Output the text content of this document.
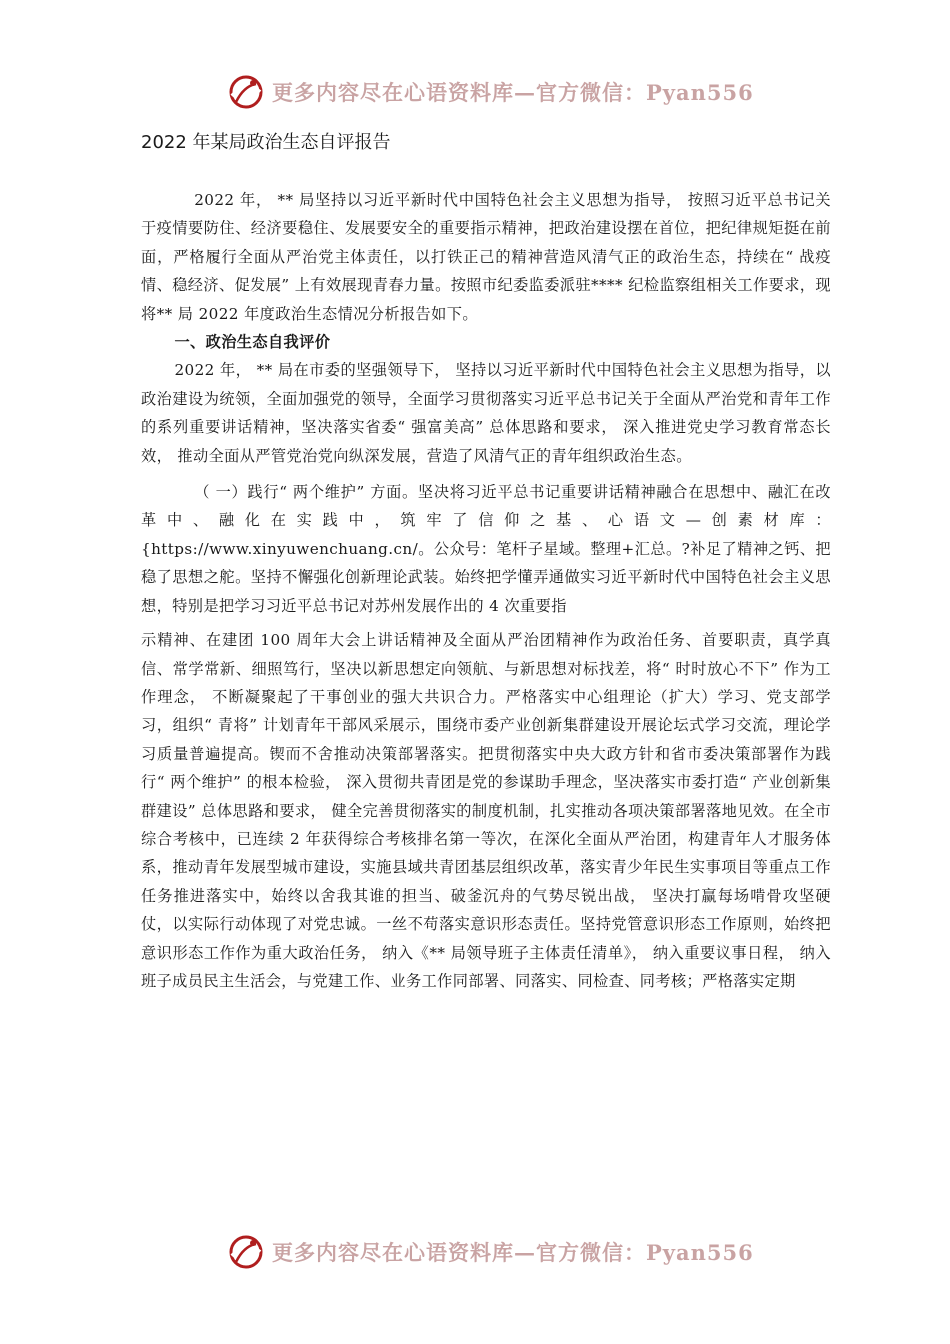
更多内容尽在心语资料库—官方微信：Pyan556
2022 年某局政治生态自评报告

2022 年， ** 局坚持以习近平新时代中国特色社会主义思想为指导， 按照习近平总书记关于疫情要防住、经济要稳住、发展要安全的重要指示精神，把政治建设摆在首位，把纪律规矩挺在前面，严格履行全面从严治党主体责任，以打铁正己的精神营造风清气正的政治生态，持续在“ 战疫情、稳经济、促发展” 上有效展现青春力量。按照市纪委监委派驻**** 纪检监察组相关工作要求，现将** 局 2022 年度政治生态情况分析报告如下。

一、政治生态自我评价

2022 年， ** 局在市委的坚强领导下， 坚持以习近平新时代中国特色社会主义思想为指导，以政治建设为统领，全面加强党的领导，全面学习贯彻落实习近平总书记关于全面从严治党和青年工作的系列重要讲话精神，坚决落实省委“ 强富美高” 总体思路和要求， 深入推进党史学习教育常态长效， 推动全面从严管党治党向纵深发展，营造了风清气正的青年组织政治生态。

（ 一）践行“ 两个维护” 方面。坚决将习近平总书记重要讲话精神融合在思想中、融汇在改革中、融化在实践中，筑牢了信仰之基、心语文—创素材库： {https://www.xinyuwenchuang.cn/。公众号：笔杆子星域。整理+汇总。?补足了精神之钙、把稳了思想之舵。坚持不懈强化创新理论武装。始终把学懂弄通做实习近平新时代中国特色社会主义思想，特别是把学习习近平总书记对苏州发展作出的 4 次重要指

示精神、在建团 100 周年大会上讲话精神及全面从严治团精神作为政治任务、首要职责，真学真信、常学常新、细照笃行，坚决以新思想定向领航、与新思想对标找差，将“ 时时放心不下” 作为工作理念， 不断凝聚起了干事创业的强大共识合力。严格落实中心组理论（扩大）学习、党支部学习，组织“ 青将” 计划青年干部风采展示，围绕市委产业创新集群建设开展论坛式学习交流，理论学习质量普遍提高。锲而不舍推动决策部署落实。把贯彻落实中央大政方针和省市委决策部署作为践行“ 两个维护” 的根本检验， 深入贯彻共青团是党的参谋助手理念，坚决落实市委打造“ 产业创新集群建设” 总体思路和要求， 健全完善贯彻落实的制度机制，扎实推动各项决策部署落地见效。在全市综合考核中，已连续 2 年获得综合考核排名第一等次，在深化全面从严治团，构建青年人才服务体系，推动青年发展型城市建设，实施县域共青团基层组织改革，落实青少年民生实事项目等重点工作任务推进落实中，始终以舍我其谁的担当、破釜沉舟的气势尽锐出战， 坚决打赢每场啃骨攻坚硬仗，以实际行动体现了对党忠诚。一丝不苟落实意识形态责任。坚持党管意识形态工作原则，始终把意识形态工作作为重大政治任务， 纳入《** 局领导班子主体责任清单》， 纳入重要议事日程， 纳入班子成员民主生活会，与党建工作、业务工作同部署、同落实、同检查、同考核；严格落实定期

更多内容尽在心语资料库—官方微信：Pyan556
